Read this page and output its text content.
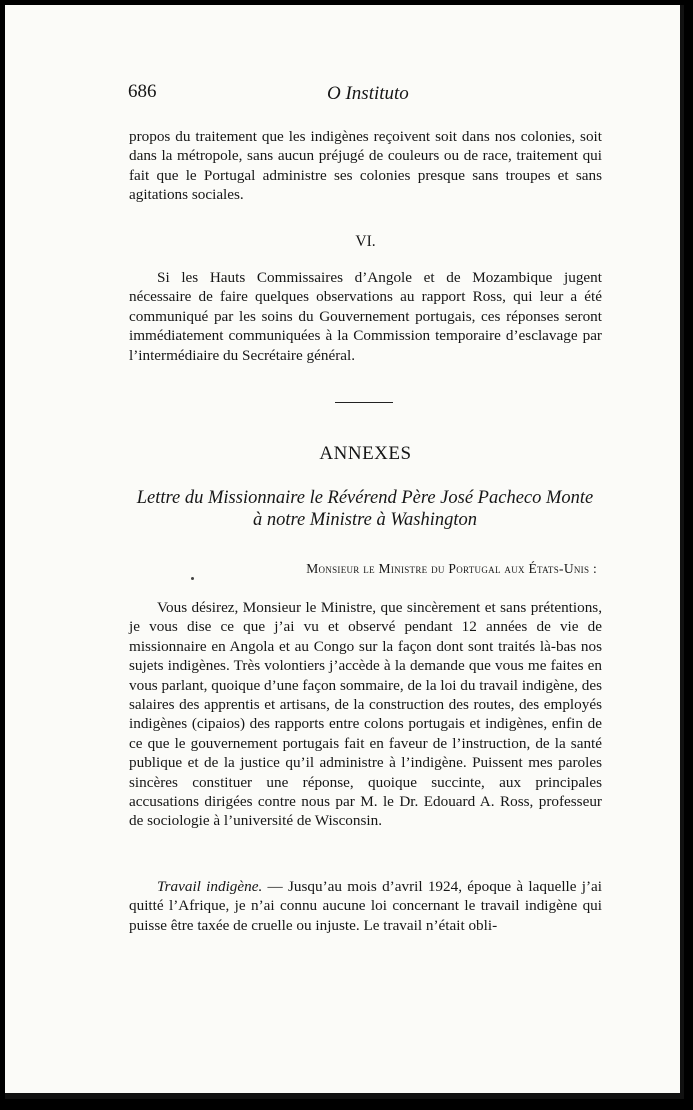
686	O Instituto

propos du traitement que les indigènes reçoivent soit dans nos colonies, soit dans la métropole, sans aucun préjugé de couleurs ou de race, traitement qui fait que le Portugal administre ses colonies presque sans troupes et sans agitations sociales.

VI.

Si les Hauts Commissaires d’Angole et de Mozambique jugent nécessaire de faire quelques observations au rapport Ross, qui leur a été communiqué par les soins du Gouvernement portugais, ces réponses seront immédiatement communiquées à la Commission temporaire d’esclavage par l’intermédiaire du Secrétaire général.

ANNEXES
Lettre du Missionnaire le Révérend Père José Pacheco Monte
à notre Ministre à Washington
Monsieur le Ministre du Portugal aux États-Unis :

Vous désirez, Monsieur le Ministre, que sincèrement et sans prétentions, je vous dise ce que j’ai vu et observé pendant 12 années de vie de missionnaire en Angola et au Congo sur la façon dont sont traités là-bas nos sujets indigènes. Très volontiers j’accède à la demande que vous me faites en vous parlant, quoique d’une façon sommaire, de la loi du travail indigène, des salaires des apprentis et artisans, de la construction des routes, des employés indigènes (cipaios) des rapports entre colons portugais et indigènes, enfin de ce que le gouvernement portugais fait en faveur de l’instruction, de la santé publique et de la justice qu’il administre à l’indigène. Puissent mes paroles sincères constituer une réponse, quoique succinte, aux principales accusations dirigées contre nous par M. le Dr. Edouard A. Ross, professeur de sociologie à l’université de Wisconsin.

Travail indigène. — Jusqu’au mois d’avril 1924, époque à laquelle j’ai quitté l’Afrique, je n’ai connu aucune loi concernant le travail indigène qui puisse être taxée de cruelle ou injuste. Le travail n’était obli-
